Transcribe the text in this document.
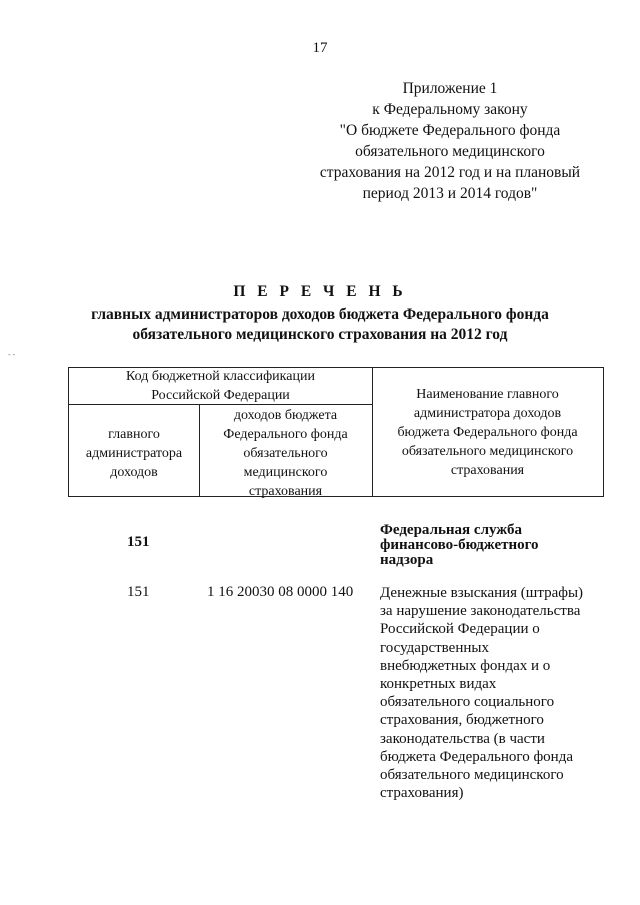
17
Приложение 1
к Федеральному закону
"О бюджете Федерального фонда
обязательного медицинского
страхования на 2012 год и на плановый
период 2013 и 2014 годов"
П Е Р Е Ч Е Н Ь
главных администраторов доходов бюджета Федерального фонда
обязательного медицинского страхования на 2012 год
- -
Код бюджетной классификации
Российской Федерации
главного
администратора
доходов
доходов бюджета
Федерального фонда
обязательного
медицинского
страхования
Наименование главного
администратора доходов
бюджета Федерального фонда
обязательного медицинского
страхования
151
Федеральная служба
финансово-бюджетного
надзора
151	1 16 20030 08 0000 140 Денежные взыскания (штрафы)
за нарушение законодательства
Российской Федерации о
государственных
внебюджетных фондах и о
конкретных видах
обязательного социального
страхования, бюджетного
законодательства (в части
бюджета Федерального фонда
обязательного медицинского
страхования)
